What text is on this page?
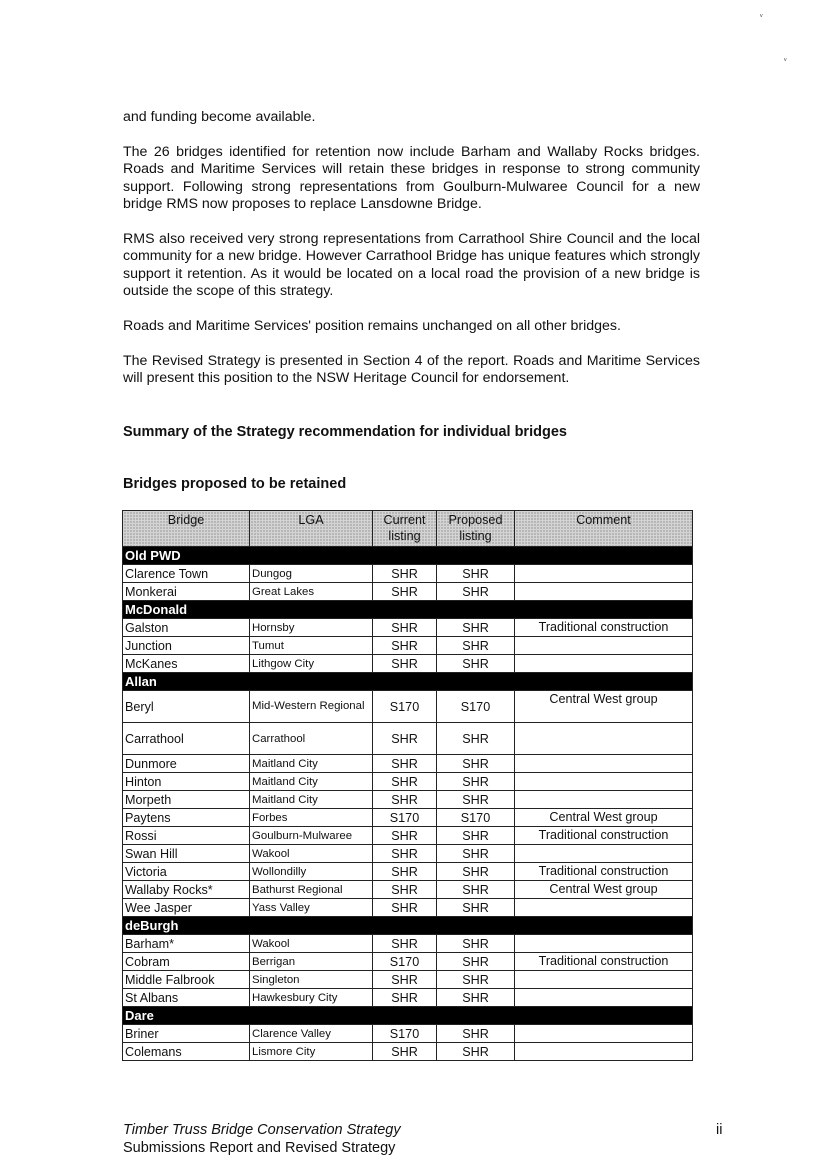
ᵛ
ᵛ

and funding become available.

The 26 bridges identified for retention now include Barham and Wallaby Rocks bridges. Roads and Maritime Services will retain these bridges in response to strong community support. Following strong representations from Goulburn-Mulwaree Council for a new bridge RMS now proposes to replace Lansdowne Bridge.

RMS also received very strong representations from Carrathool Shire Council and the local community for a new bridge. However Carrathool Bridge has unique features which strongly support it retention. As it would be located on a local road the provision of a new bridge is outside the scope of this strategy.

Roads and Maritime Services' position remains unchanged on all other bridges.

The Revised Strategy is presented in Section 4 of the report. Roads and Maritime Services will present this position to the NSW Heritage Council for endorsement.

Summary of the Strategy recommendation for individual bridges
Bridges proposed to be retained
Bridge	LGA	Current listing	Proposed listing	Comment
Old PWD				
Clarence Town	Dungog	SHR	SHR	
Monkerai	Great Lakes	SHR	SHR	
McDonald				
Galston	Hornsby	SHR	SHR	Traditional construction
Junction	Tumut	SHR	SHR	
McKanes	Lithgow City	SHR	SHR	
Allan				
Beryl	Mid-Western Regional	S170	S170	Central West group
Carrathool	Carrathool	SHR	SHR	
Dunmore	Maitland City	SHR	SHR	
Hinton	Maitland City	SHR	SHR	
Morpeth	Maitland City	SHR	SHR	
Paytens	Forbes	S170	S170	Central West group
Rossi	Goulburn-Mulwaree	SHR	SHR	Traditional construction
Swan Hill	Wakool	SHR	SHR	
Victoria	Wollondilly	SHR	SHR	Traditional construction
Wallaby Rocks*	Bathurst Regional	SHR	SHR	Central West group
Wee Jasper	Yass Valley	SHR	SHR	
deBurgh				
Barham*	Wakool	SHR	SHR	
Cobram	Berrigan	S170	SHR	Traditional construction
Middle Falbrook	Singleton	SHR	SHR	
St Albans	Hawkesbury City	SHR	SHR	
Dare				
Briner	Clarence Valley	S170	SHR	
Colemans	Lismore City	SHR	SHR	
Timber Truss Bridge Conservation Strategy
Submissions Report and Revised Strategy
ii
